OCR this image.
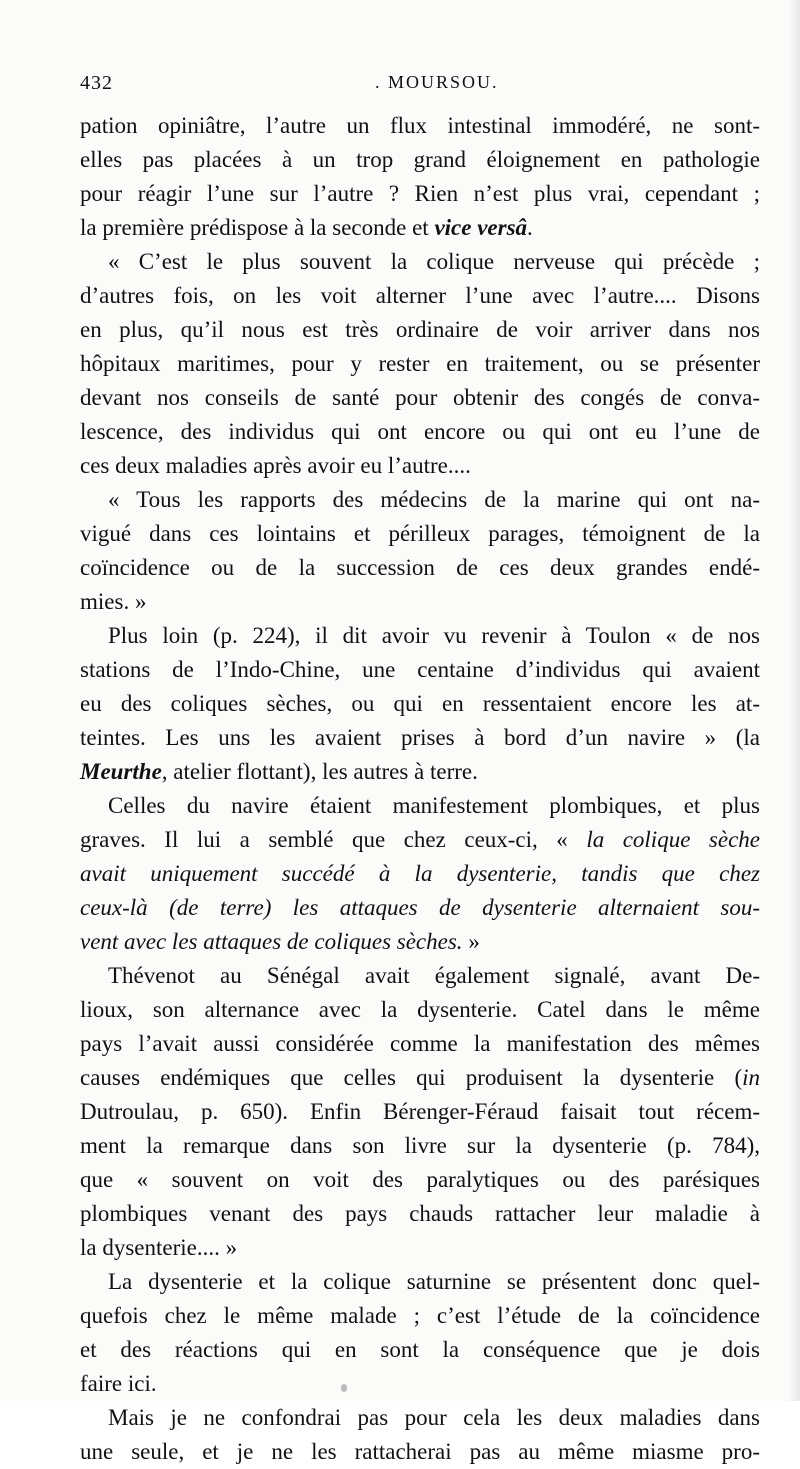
432	. MOURSOU.
pation opiniâtre, l’autre un flux intestinal immodéré, ne sont-
elles pas placées à un trop grand éloignement en pathologie
pour réagir l’une sur l’autre ? Rien n’est plus vrai, cependant ;
la première prédispose à la seconde et vice versâ.
« C’est le plus souvent la colique nerveuse qui précède ;
d’autres fois, on les voit alterner l’une avec l’autre.... Disons
en plus, qu’il nous est très ordinaire de voir arriver dans nos
hôpitaux maritimes, pour y rester en traitement, ou se présenter
devant nos conseils de santé pour obtenir des congés de conva-
lescence, des individus qui ont encore ou qui ont eu l’une de
ces deux maladies après avoir eu l’autre....
« Tous les rapports des médecins de la marine qui ont na-
vigué dans ces lointains et périlleux parages, témoignent de la
coïncidence ou de la succession de ces deux grandes endé-
mies. »
Plus loin (p. 224), il dit avoir vu revenir à Toulon « de nos
stations de l’Indo-Chine, une centaine d’individus qui avaient
eu des coliques sèches, ou qui en ressentaient encore les at-
teintes. Les uns les avaient prises à bord d’un navire » (la
Meurthe, atelier flottant), les autres à terre.
Celles du navire étaient manifestement plombiques, et plus
graves. Il lui a semblé que chez ceux-ci, « la colique sèche
avait uniquement succédé à la dysenterie, tandis que chez
ceux-là (de terre) les attaques de dysenterie alternaient sou-
vent avec les attaques de coliques sèches. »
Thévenot au Sénégal avait également signalé, avant De-
lioux, son alternance avec la dysenterie. Catel dans le même
pays l’avait aussi considérée comme la manifestation des mêmes
causes endémiques que celles qui produisent la dysenterie (in
Dutroulau, p. 650). Enfin Bérenger-Féraud faisait tout récem-
ment la remarque dans son livre sur la dysenterie (p. 784),
que « souvent on voit des paralytiques ou des parésiques
plombiques venant des pays chauds rattacher leur maladie à
la dysenterie.... »
La dysenterie et la colique saturnine se présentent donc quel-
quefois chez le même malade ; c’est l’étude de la coïncidence
et des réactions qui en sont la conséquence que je dois
faire ici.
Mais je ne confondrai pas pour cela les deux maladies dans
une seule, et je ne les rattacherai pas au même miasme pro-
